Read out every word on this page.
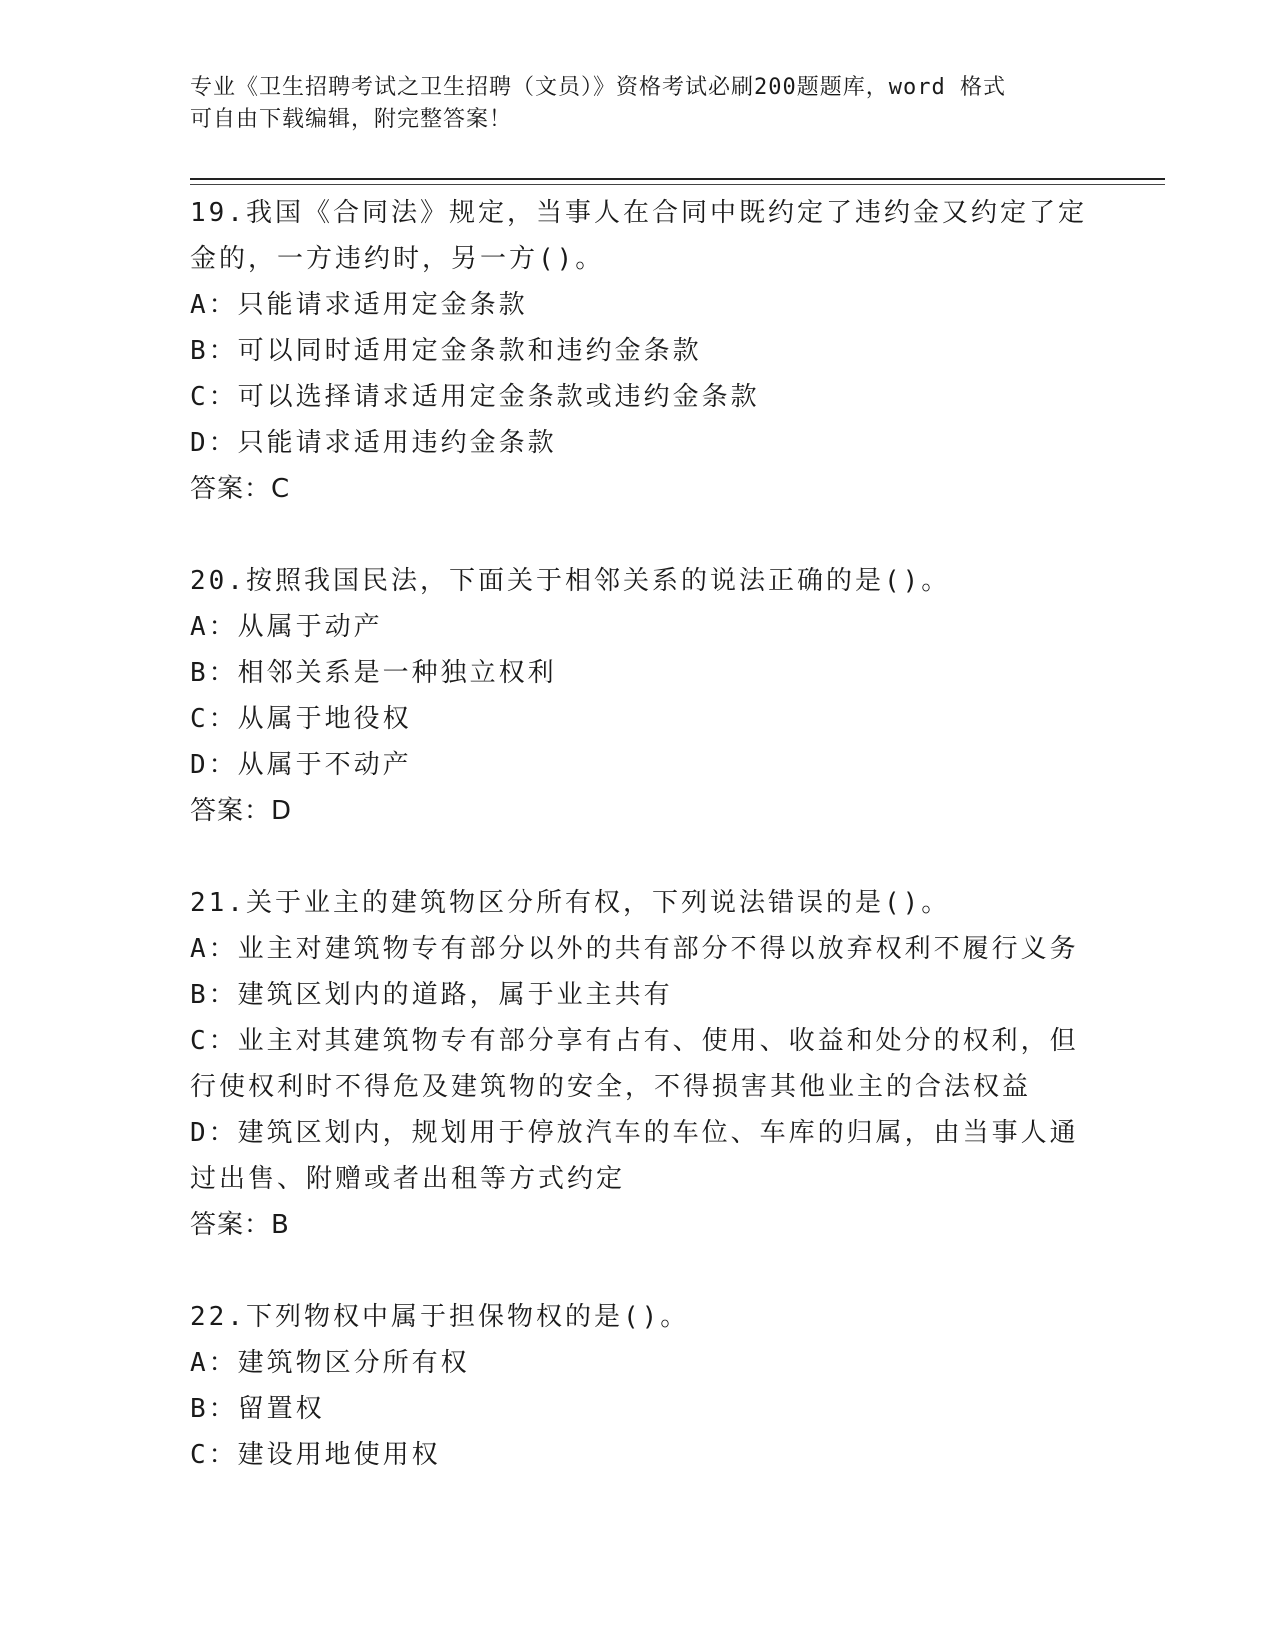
专业《卫生招聘考试之卫生招聘（文员）》资格考试必刷200题题库，word 格式
可自由下载编辑，附完整答案！
19.我国《合同法》规定，当事人在合同中既约定了违约金又约定了定
金的，一方违约时，另一方()。
A：只能请求适用定金条款
B：可以同时适用定金条款和违约金条款
C：可以选择请求适用定金条款或违约金条款
D：只能请求适用违约金条款
答案：C
20.按照我国民法，下面关于相邻关系的说法正确的是()。
A：从属于动产
B：相邻关系是一种独立权利
C：从属于地役权
D：从属于不动产
答案：D
21.关于业主的建筑物区分所有权，下列说法错误的是()。
A：业主对建筑物专有部分以外的共有部分不得以放弃权利不履行义务
B：建筑区划内的道路，属于业主共有
C：业主对其建筑物专有部分享有占有、使用、收益和处分的权利，但
行使权利时不得危及建筑物的安全，不得损害其他业主的合法权益
D：建筑区划内，规划用于停放汽车的车位、车库的归属，由当事人通
过出售、附赠或者出租等方式约定
答案：B
22.下列物权中属于担保物权的是()。
A：建筑物区分所有权
B：留置权
C：建设用地使用权
